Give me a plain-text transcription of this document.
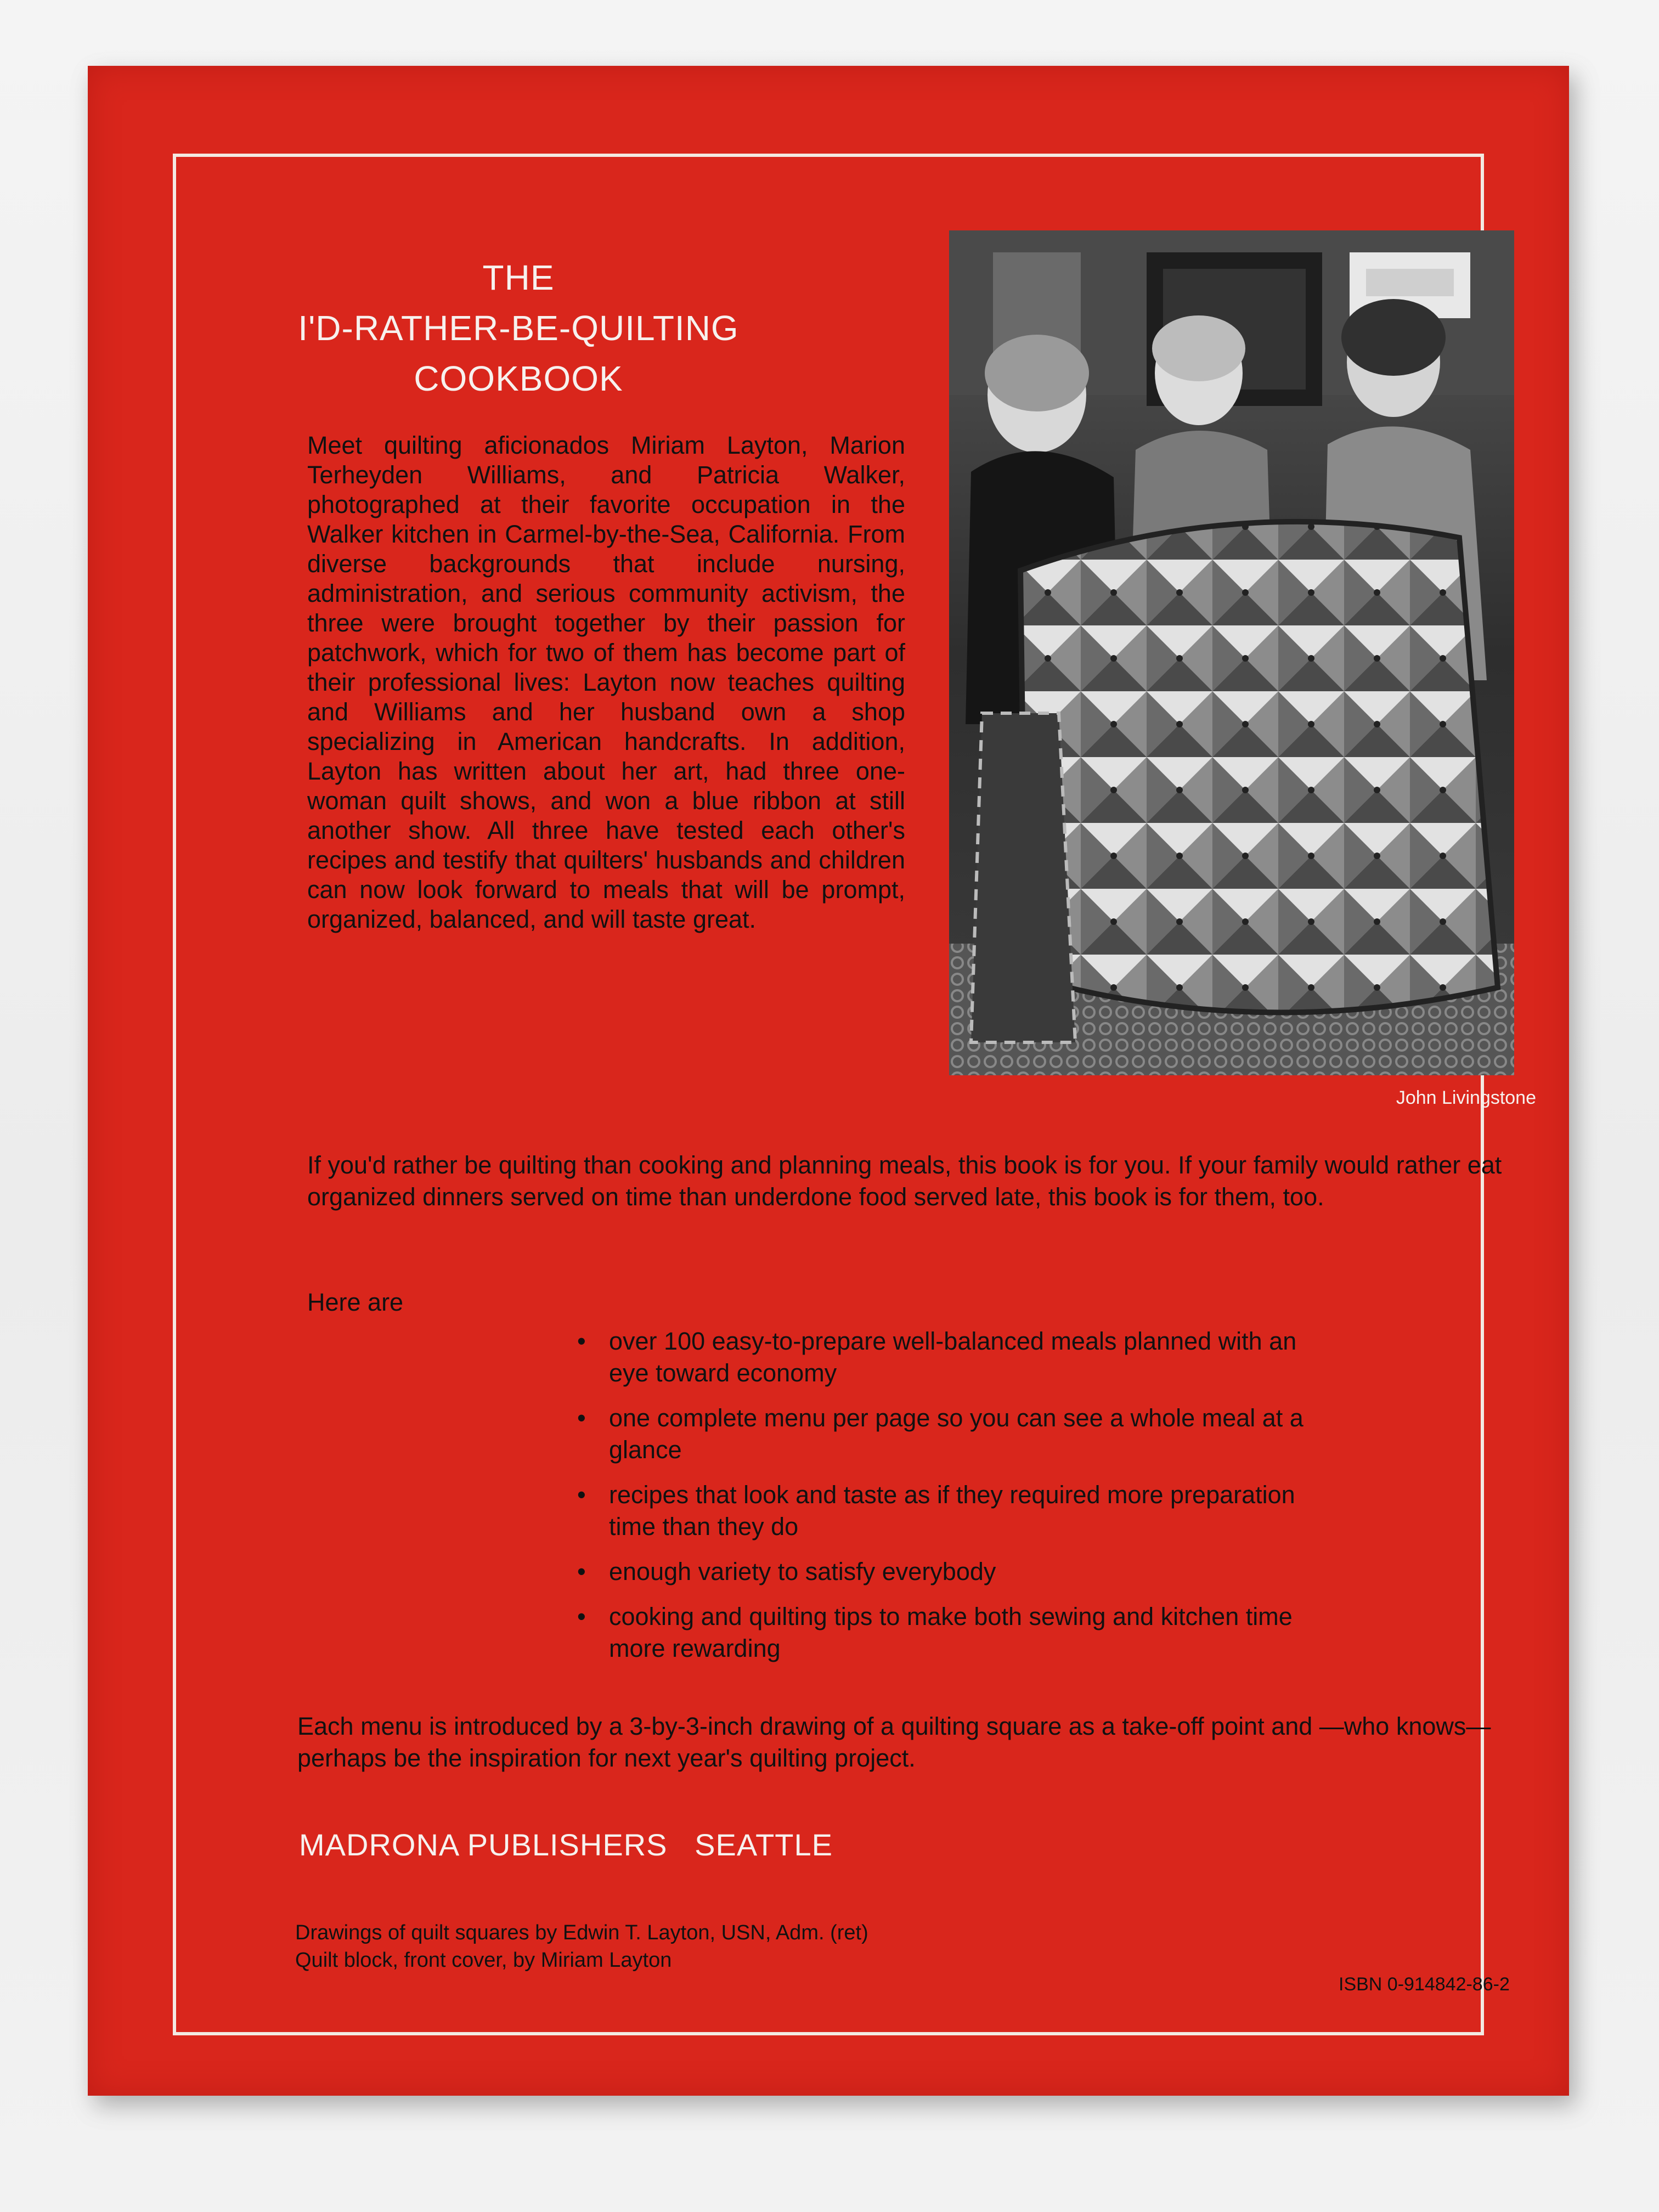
THE
I'D-RATHER-BE-QUILTING
COOKBOOK

Meet quilting aficionados Miriam Layton, Marion Terheyden Williams, and Patricia Walker, photographed at their favorite occupation in the Walker kitchen in Carmel-by-the-Sea, California. From diverse backgrounds that include nursing, administration, and serious community activism, the three were brought together by their passion for patchwork, which for two of them has become part of their professional lives: Layton now teaches quilting and Williams and her husband own a shop specializing in American handcrafts. In addition, Layton has written about her art, had three one-woman quilt shows, and won a blue ribbon at still another show. All three have tested each other's recipes and testify that quilters' husbands and children can now look forward to meals that will be prompt, organized, balanced, and will taste great.

John Livingstone

If you'd rather be quilting than cooking and planning meals, this book is for you. If your family would rather eat organized dinners served on time than underdone food served late, this book is for them, too.

Here are
• over 100 easy-to-prepare well-balanced meals planned with an eye toward economy
• one complete menu per page so you can see a whole meal at a glance
• recipes that look and taste as if they required more preparation time than they do
• enough variety to satisfy everybody
• cooking and quilting tips to make both sewing and kitchen time more rewarding

Each menu is introduced by a 3-by-3-inch drawing of a quilting square as a take-off point and —who knows—perhaps be the inspiration for next year's quilting project.

MADRONA PUBLISHERS   SEATTLE
Drawings of quilt squares by Edwin T. Layton, USN, Adm. (ret)
Quilt block, front cover, by Miriam Layton
ISBN 0-914842-86-2
